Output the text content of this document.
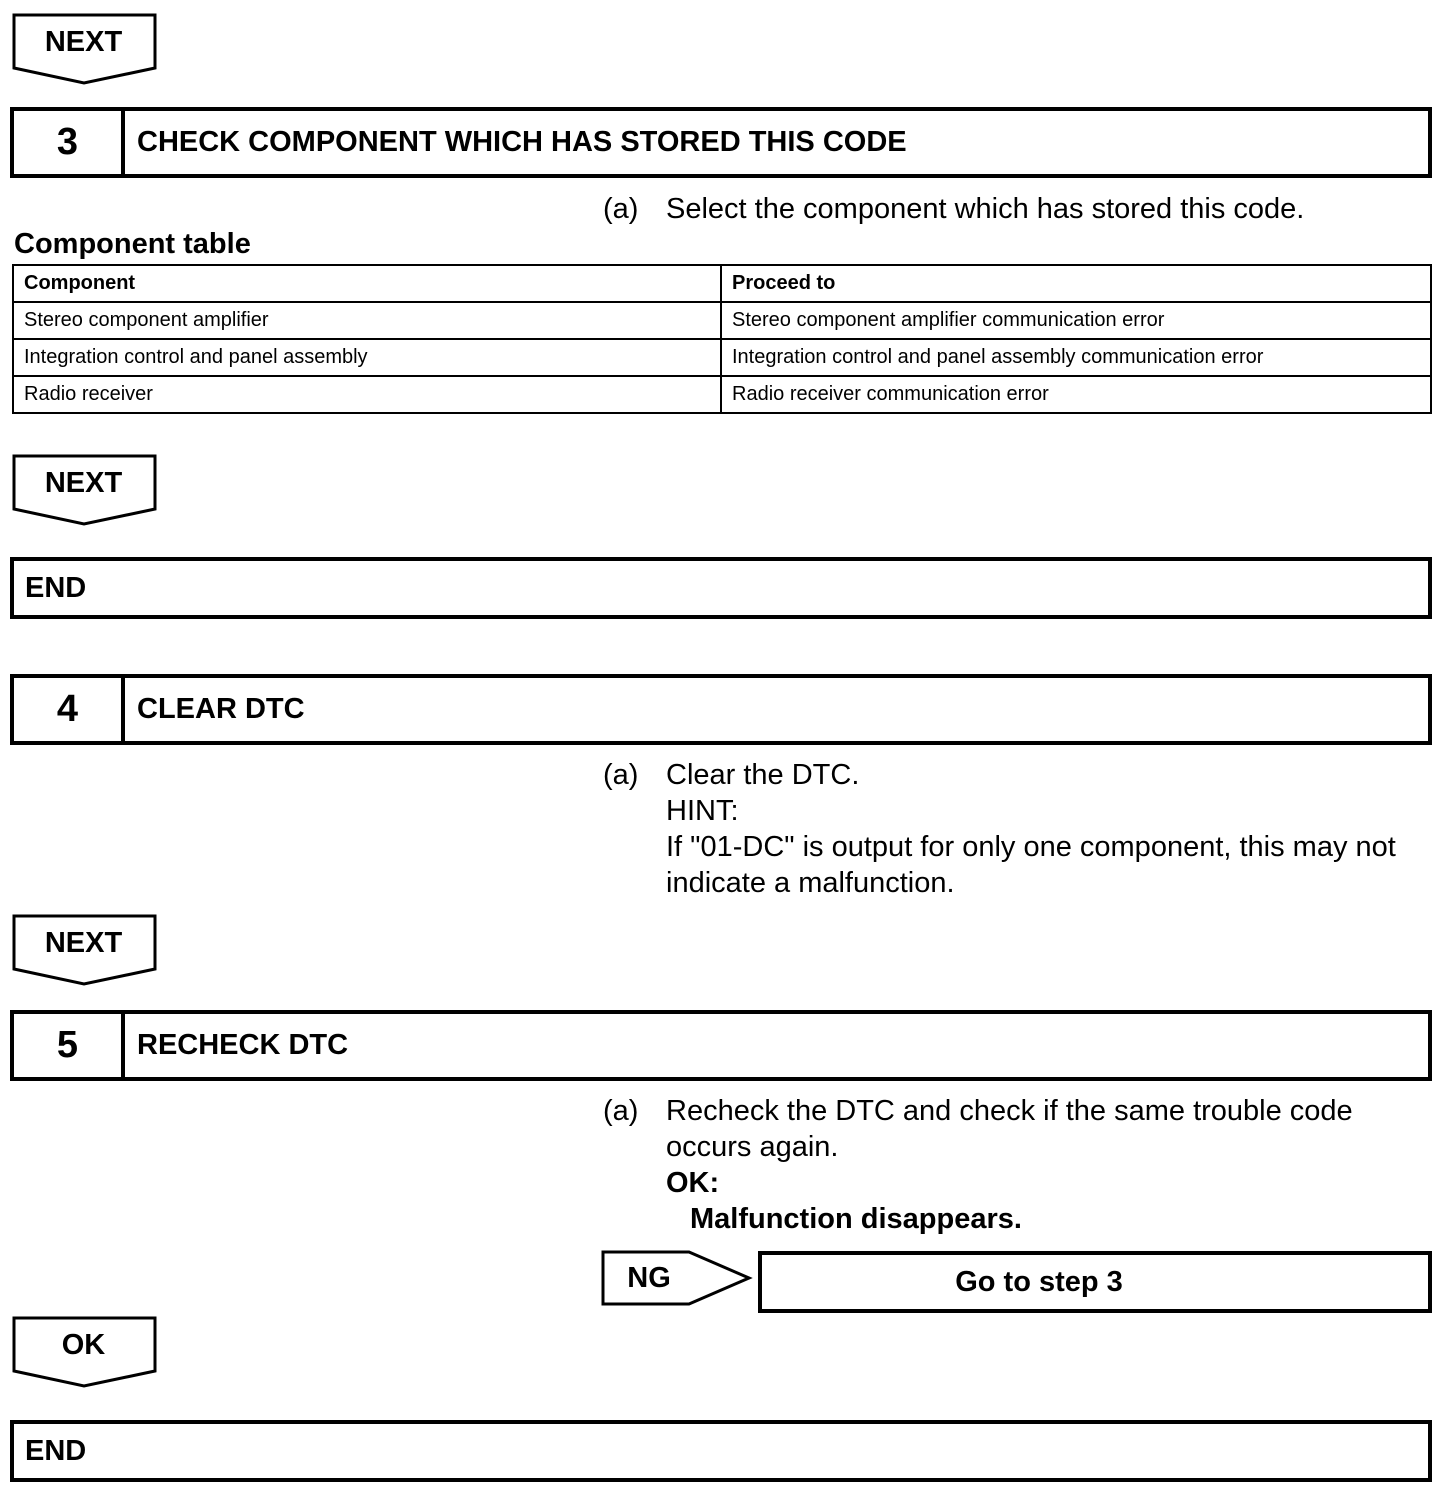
NEXT
3	CHECK COMPONENT WHICH HAS STORED THIS CODE
(a) Select the component which has stored this code.
Component table
Component	Proceed to
Stereo component amplifier	Stereo component amplifier communication error
Integration control and panel assembly	Integration control and panel assembly communication error
Radio receiver	Radio receiver communication error
NEXT
END
4	CLEAR DTC
(a) Clear the DTC.
HINT:
If "01-DC" is output for only one component, this may not
indicate a malfunction.
NEXT
5	RECHECK DTC
(a) Recheck the DTC and check if the same trouble code
occurs again.
OK:
Malfunction disappears.
NG	Go to step 3
OK
END
